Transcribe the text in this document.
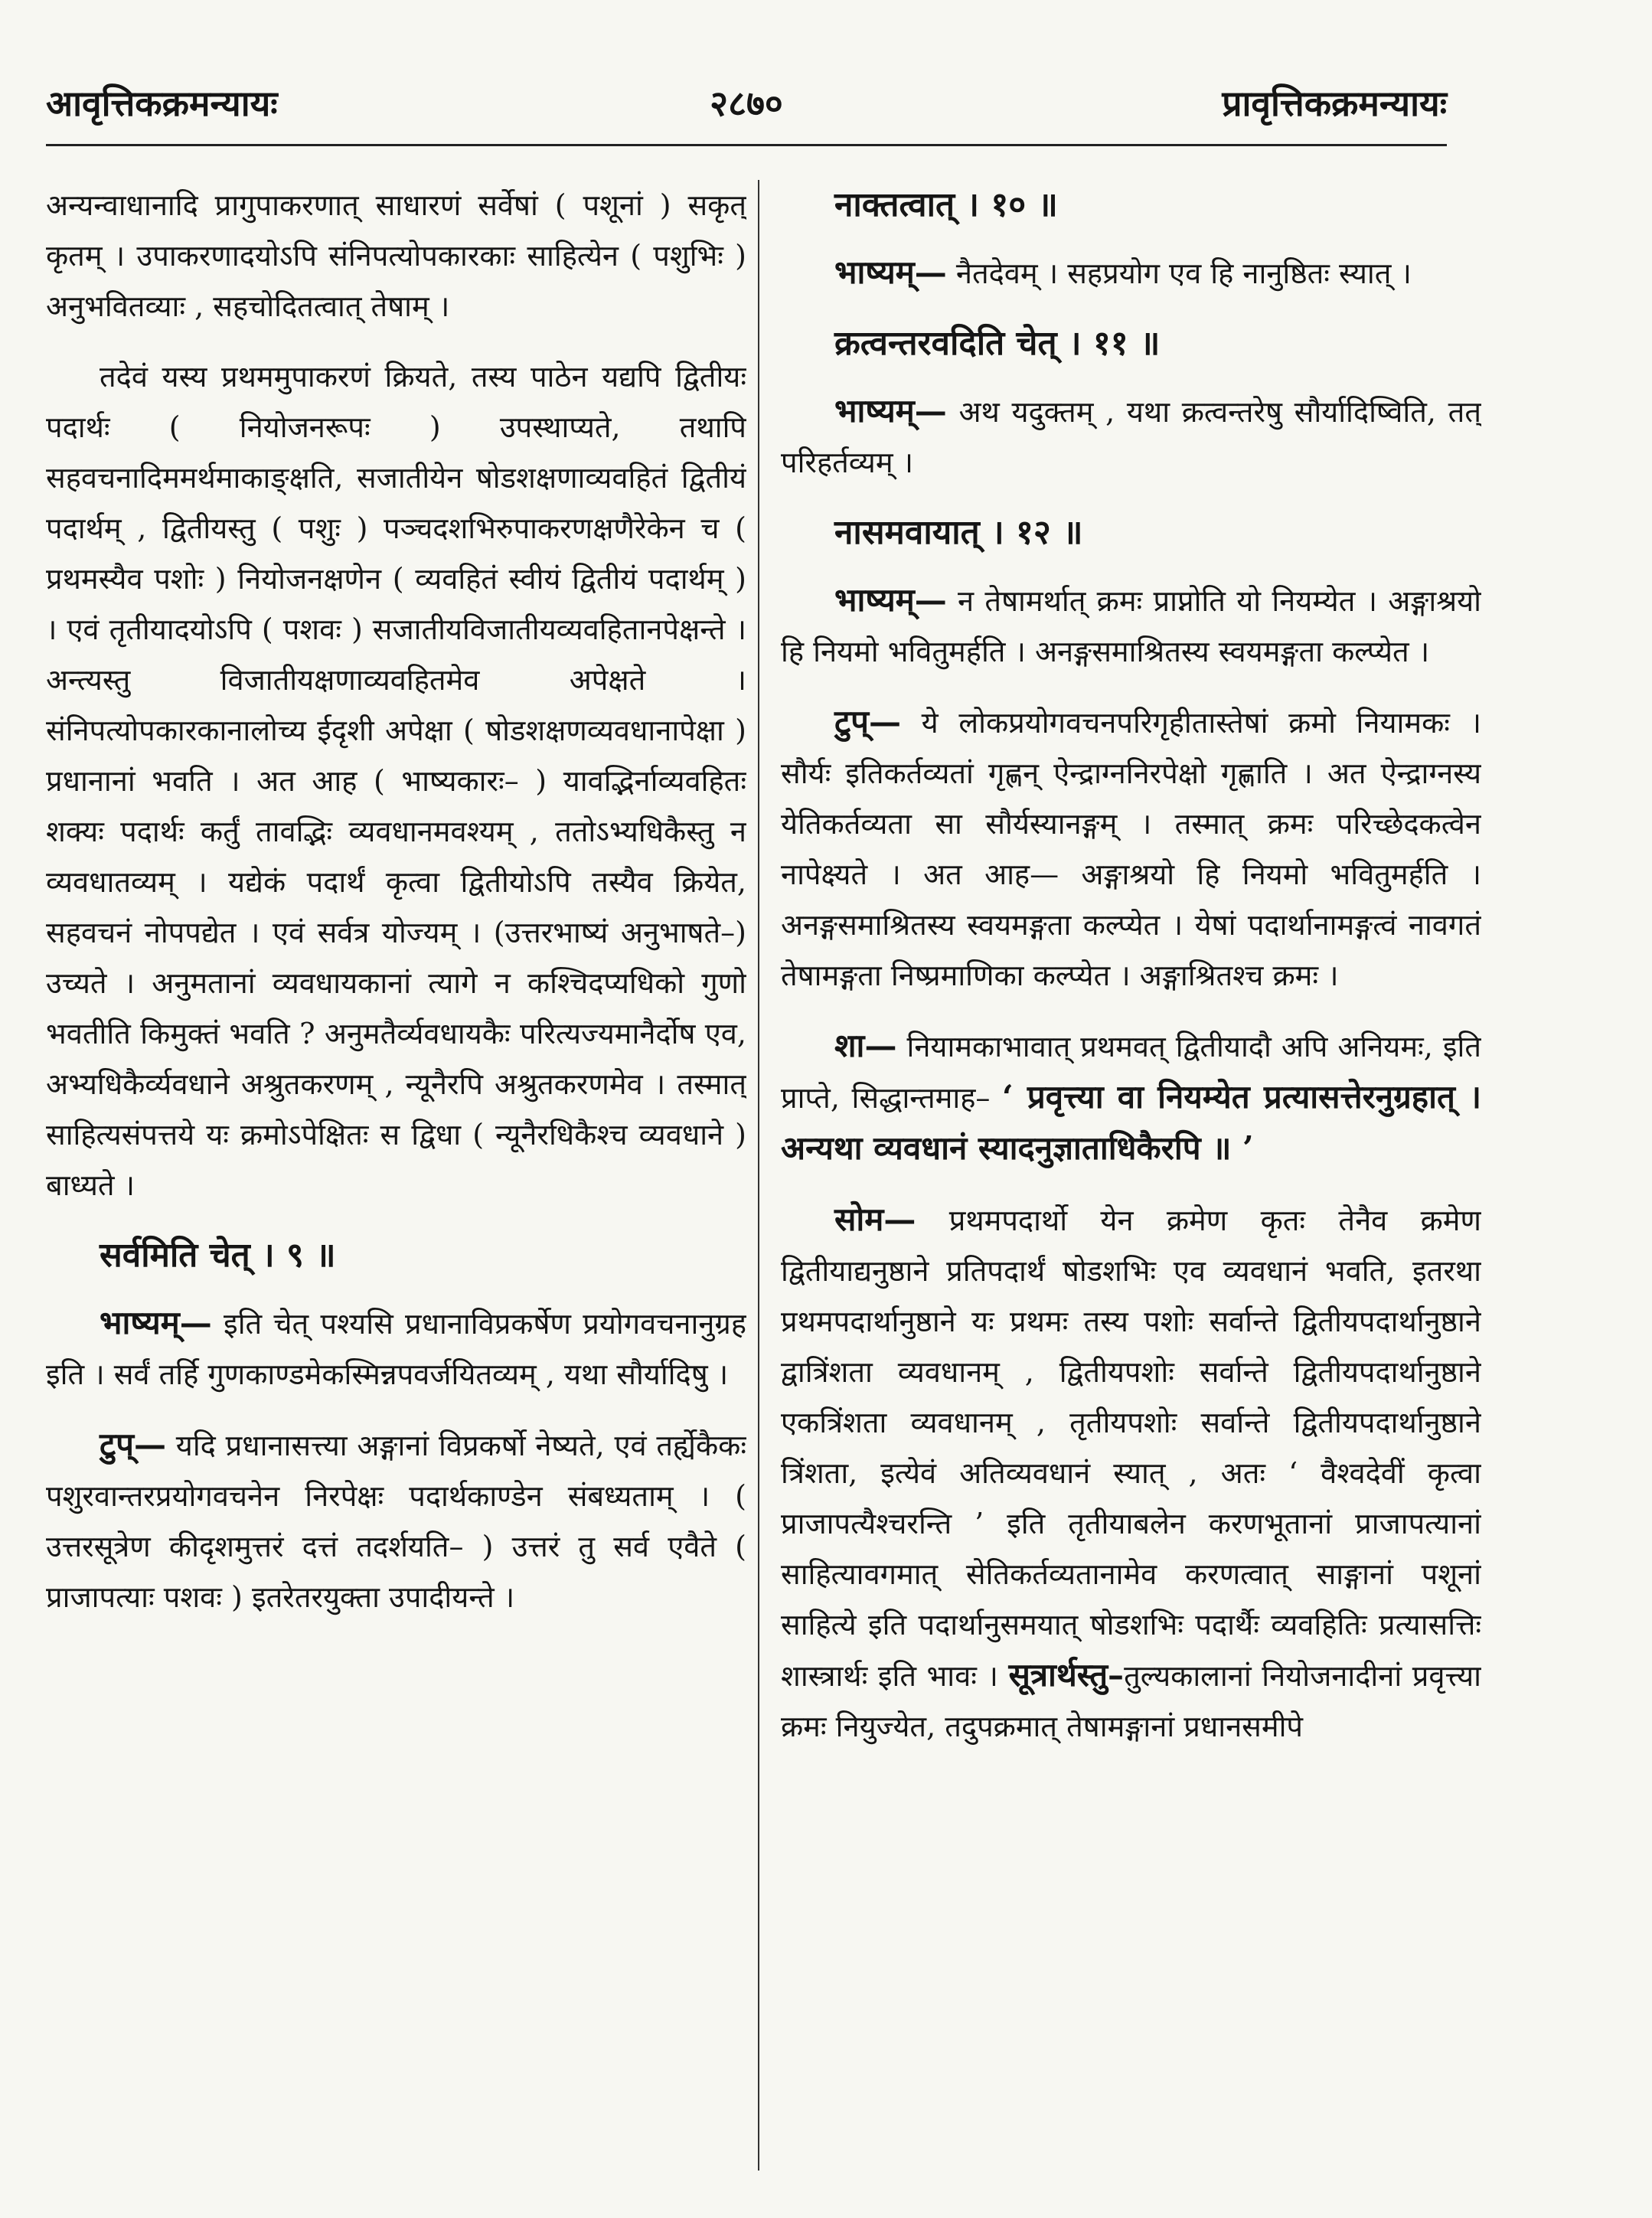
आवृत्तिकक्रमन्यायः	२८७०	प्रावृत्तिकक्रमन्यायः

अन्यन्वाधानादि प्रागुपाकरणात् साधारणं सर्वेषां ( पशूनां ) सकृत् कृतम् । उपाकरणादयोऽपि संनिपत्योपकारकाः साहित्येन ( पशुभिः ) अनुभवितव्याः , सहचोदितत्वात् तेषाम् ।

तदेवं यस्य प्रथममुपाकरणं क्रियते, तस्य पाठेन यद्यपि द्वितीयः पदार्थः ( नियोजनरूपः ) उपस्थाप्यते, तथापि सहवचनादिममर्थमाकाङ्क्षति, सजातीयेन षोडशक्षणाव्यवहितं द्वितीयं पदार्थम् , द्वितीयस्तु ( पशुः ) पञ्चदशभिरुपाकरणक्षणैरेकेन च ( प्रथमस्यैव पशोः ) नियोजनक्षणेन ( व्यवहितं स्वीयं द्वितीयं पदार्थम् ) । एवं तृतीयादयोऽपि ( पशवः ) सजातीयविजातीयव्यवहितानपेक्षन्ते । अन्त्यस्तु विजातीयक्षणाव्यवहितमेव अपेक्षते । संनिपत्योपकारकानालोच्य ईदृशी अपेक्षा ( षोडशक्षणव्यवधानापेक्षा ) प्रधानानां भवति । अत आह ( भाष्यकारः– ) यावद्भिर्नाव्यवहितः शक्यः पदार्थः कर्तुं तावद्भिः व्यवधानमवश्यम् , ततोऽभ्यधिकैस्तु न व्यवधातव्यम् । यद्येकं पदार्थं कृत्वा द्वितीयोऽपि तस्यैव क्रियेत, सहवचनं नोपपद्येत । एवं सर्वत्र योज्यम् । (उत्तरभाष्यं अनुभाषते–) उच्यते । अनुमतानां व्यवधायकानां त्यागे न कश्चिदप्यधिको गुणो भवतीति किमुक्तं भवति ? अनुमतैर्व्यवधायकैः परित्यज्यमानैर्दोष एव, अभ्यधिकैर्व्यवधाने अश्रुतकरणम् , न्यूनैरपि अश्रुतकरणमेव । तस्मात् साहित्यसंपत्तये यः क्रमोऽपेक्षितः स द्विधा ( न्यूनैरधिकैश्च व्यवधाने ) बाध्यते ।

सर्वमिति चेत् । ९ ॥

भाष्यम्— इति चेत् पश्यसि प्रधानाविप्रकर्षेण प्रयोगवचनानुग्रह इति । सर्वं तर्हि गुणकाण्डमेकस्मिन्नपवर्जयितव्यम् , यथा सौर्यादिषु ।

टुप्— यदि प्रधानासत्त्या अङ्गानां विप्रकर्षो नेष्यते, एवं तर्ह्येकैकः पशुरवान्तरप्रयोगवचनेन निरपेक्षः पदार्थकाण्डेन संबध्यताम् । ( उत्तरसूत्रेण कीदृशमुत्तरं दत्तं तदर्शयति– ) उत्तरं तु सर्व एवैते ( प्राजापत्याः पशवः ) इतरेतरयुक्ता उपादीयन्ते ।

नाक्तत्वात् । १० ॥

भाष्यम्— नैतदेवम् । सहप्रयोग एव हि नानुष्ठितः स्यात् ।

क्रत्वन्तरवदिति चेत् । ११ ॥

भाष्यम्— अथ यदुक्तम् , यथा क्रत्वन्तरेषु सौर्यादिष्विति, तत् परिहर्तव्यम् ।

नासमवायात् । १२ ॥

भाष्यम्— न तेषामर्थात् क्रमः प्राप्नोति यो नियम्येत । अङ्गाश्रयो हि नियमो भवितुमर्हति । अनङ्गसमाश्रितस्य स्वयमङ्गता कल्प्येत ।

टुप्— ये लोकप्रयोगवचनपरिगृहीतास्तेषां क्रमो नियामकः । सौर्यः इतिकर्तव्यतां गृह्णन् ऐन्द्राग्ननिरपेक्षो गृह्णाति । अत ऐन्द्राग्नस्य येतिकर्तव्यता सा सौर्यस्यानङ्गम् । तस्मात् क्रमः परिच्छेदकत्वेन नापेक्ष्यते । अत आह— अङ्गाश्रयो हि नियमो भवितुमर्हति । अनङ्गसमाश्रितस्य स्वयमङ्गता कल्प्येत । येषां पदार्थानामङ्गत्वं नावगतं तेषामङ्गता निष्प्रमाणिका कल्प्येत । अङ्गाश्रितश्च क्रमः ।

शा— नियामकाभावात् प्रथमवत् द्वितीयादौ अपि अनियमः, इति प्राप्ते, सिद्धान्तमाह– ‘ प्रवृत्त्या वा नियम्येत प्रत्यासत्तेरनुग्रहात् । अन्यथा व्यवधानं स्यादनुज्ञाताधिकैरपि ॥ ’

सोम— प्रथमपदार्थो येन क्रमेण कृतः तेनैव क्रमेण द्वितीयाद्यनुष्ठाने प्रतिपदार्थं षोडशभिः एव व्यवधानं भवति, इतरथा प्रथमपदार्थानुष्ठाने यः प्रथमः तस्य पशोः सर्वान्ते द्वितीयपदार्थानुष्ठाने द्वात्रिंशता व्यवधानम् , द्वितीयपशोः सर्वान्ते द्वितीयपदार्थानुष्ठाने एकत्रिंशता व्यवधानम् , तृतीयपशोः सर्वान्ते द्वितीयपदार्थानुष्ठाने त्रिंशता, इत्येवं अतिव्यवधानं स्यात् , अतः ‘ वैश्वदेवीं कृत्वा प्राजापत्यैश्चरन्ति ’ इति तृतीयाबलेन करणभूतानां प्राजापत्यानां साहित्यावगमात् सेतिकर्तव्यतानामेव करणत्वात् साङ्गानां पशूनां साहित्ये इति पदार्थानुसमयात् षोडशभिः पदार्थैः व्यवहितिः प्रत्यासत्तिः शास्त्रार्थः इति भावः । सूत्रार्थस्तु–तुल्यकालानां नियोजनादीनां प्रवृत्त्या क्रमः नियुज्येत, तदुपक्रमात् तेषामङ्गानां प्रधानसमीपे
